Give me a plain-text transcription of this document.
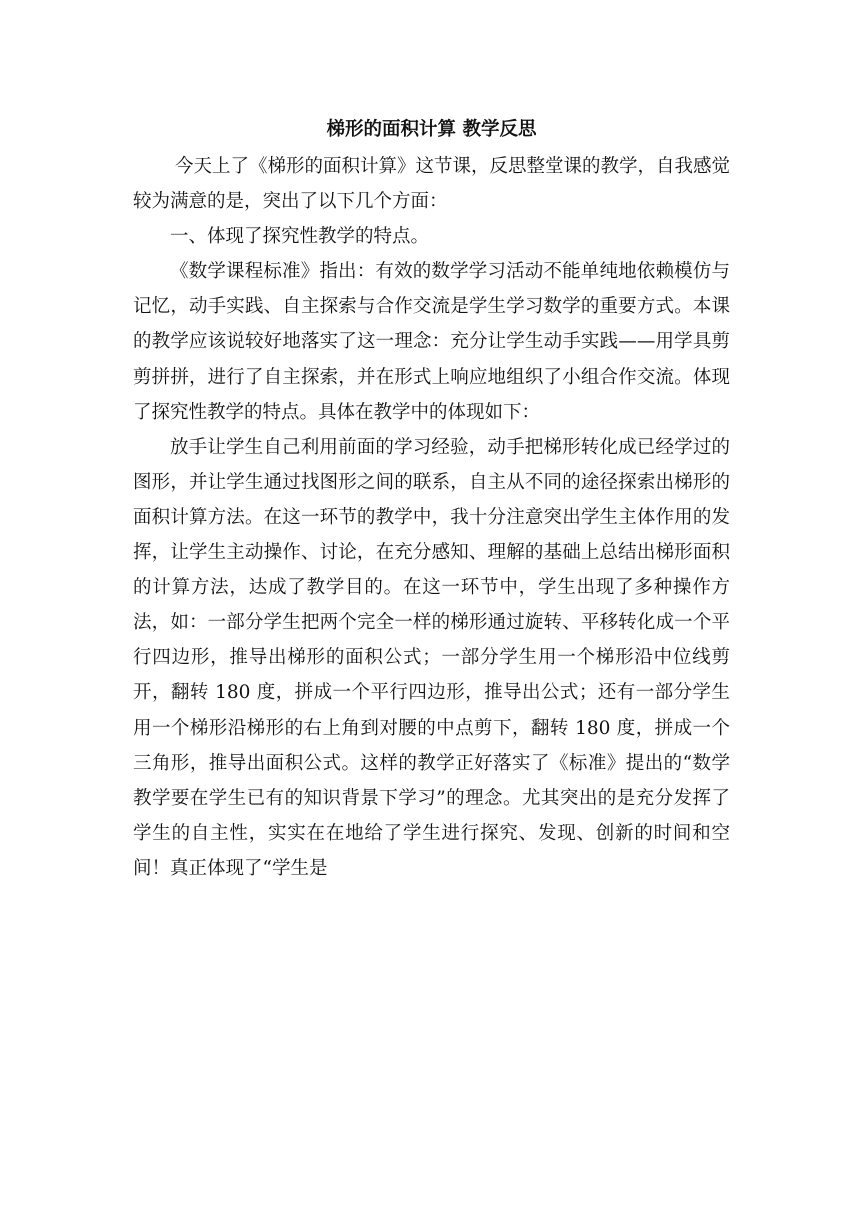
梯形的面积计算 教学反思

今天上了《梯形的面积计算》这节课，反思整堂课的教学，自我感觉较为满意的是，突出了以下几个方面：

一、体现了探究性教学的特点。

《数学课程标准》指出：有效的数学学习活动不能单纯地依赖模仿与记忆，动手实践、自主探索与合作交流是学生学习数学的重要方式。本课的教学应该说较好地落实了这一理念：充分让学生动手实践——用学具剪剪拼拼，进行了自主探索，并在形式上响应地组织了小组合作交流。体现了探究性教学的特点。具体在教学中的体现如下：

放手让学生自己利用前面的学习经验，动手把梯形转化成已经学过的图形，并让学生通过找图形之间的联系，自主从不同的途径探索出梯形的面积计算方法。在这一环节的教学中，我十分注意突出学生主体作用的发挥，让学生主动操作、讨论，在充分感知、理解的基础上总结出梯形面积的计算方法，达成了教学目的。在这一环节中，学生出现了多种操作方法，如：一部分学生把两个完全一样的梯形通过旋转、平移转化成一个平行四边形，推导出梯形的面积公式；一部分学生用一个梯形沿中位线剪开，翻转 180 度，拼成一个平行四边形，推导出公式；还有一部分学生用一个梯形沿梯形的右上角到对腰的中点剪下，翻转 180 度，拼成一个三角形，推导出面积公式。这样的教学正好落实了《标准》提出的“数学教学要在学生已有的知识背景下学习”的理念。尤其突出的是充分发挥了学生的自主性，实实在在地给了学生进行探究、发现、创新的时间和空间！真正体现了“学生是
